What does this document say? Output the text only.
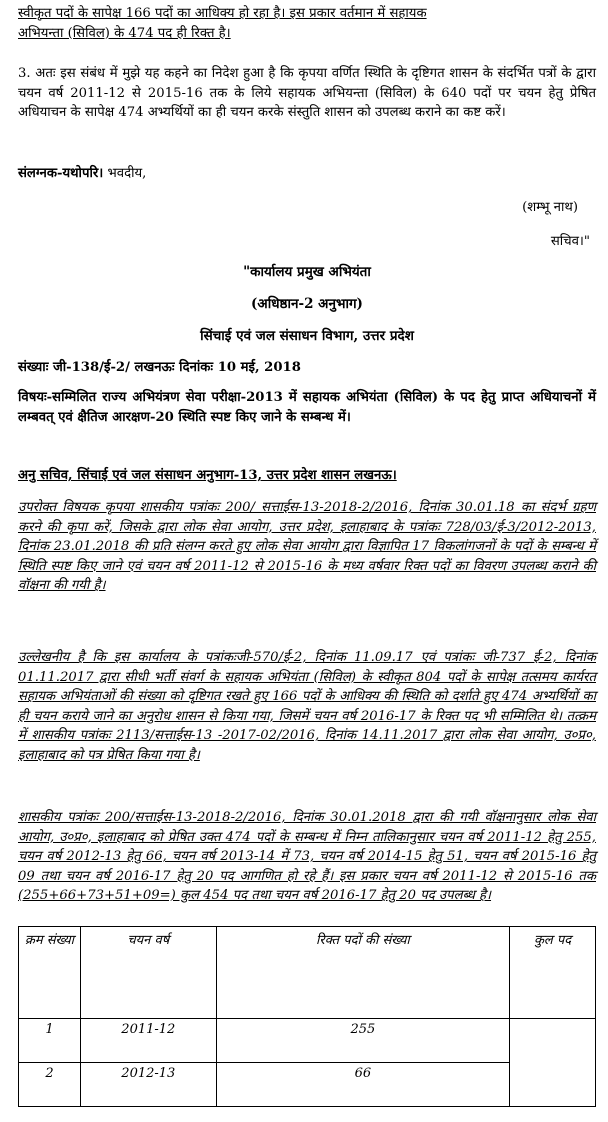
स्वीकृत पदों के सापेक्ष 166 पदों का आधिक्य हो रहा है। इस प्रकार वर्तमान में सहायक

अभियन्ता (सिविल) के 474 पद ही रिक्त है।

3. अतः इस संबंध में मुझे यह कहने का निदेश हुआ है कि कृपया वर्णित स्थिति के दृष्टिगत शासन के संदर्भित पत्रों के द्वारा चयन वर्ष 2011-12 से 2015-16 तक के लिये सहायक अभियन्ता (सिविल) के 640 पदों पर चयन हेतु प्रेषित अधियाचन के सापेक्ष 474 अभ्यर्थियों का ही चयन करके संस्तुति शासन को उपलब्ध कराने का कष्ट करें।

संलग्नक-यथोपरि। भवदीय,

(शम्भू नाथ)

सचिव।"

"कार्यालय प्रमुख अभियंता

(अधिष्ठान-2 अनुभाग)

सिंचाई एवं जल संसाधन विभाग, उत्तर प्रदेश

संख्याः जी-138/ई-2/ लखनऊः दिनांकः 10 मई, 2018

विषयः-सम्मिलित राज्य अभियंत्रण सेवा परीक्षा-2013 में सहायक अभियंता (सिविल) के पद हेतु प्राप्त अधियाचनों में लम्बवत् एवं क्षैतिज आरक्षण-20 स्थिति स्पष्ट किए जाने के सम्बन्ध में।

अनु सचिव, सिंचाई एवं जल संसाधन अनुभाग-13, उत्तर प्रदेश शासन लखनऊ।

उपरोक्त विषयक कृपया शासकीय पत्रांकः 200/ सत्ताईस-13-2018-2/2016, दिनांक 30.01.18 का संदर्भ ग्रहण करने की कृपा करें, जिसके द्वारा लोक सेवा आयोग, उत्तर प्रदेश, इलाहाबाद के पत्रांकः 728/03/ई-3/2012-2013, दिनांक 23.01.2018 की प्रति संलग्न करते हुए लोक सेवा आयोग द्वारा विज्ञापित 17 विकलांगजनों के पदों के सम्बन्ध में स्थिति स्पष्ट किए जाने एवं चयन वर्ष 2011-12 से 2015-16 के मध्य वर्षवार रिक्त पदों का विवरण उपलब्ध कराने की वॉक्षना की गयी है।

उल्लेखनीय है कि इस कार्यालय के पत्रांकःजी-570/ई-2, दिनांक 11.09.17 एवं पत्रांकः जी-737 ई-2, दिनांक 01.11.2017 द्वारा सीधी भर्ती संवर्ग के सहायक अभियंता (सिविल) के स्वीकृत 804 पदों के सापेक्ष तत्समय कार्यरत सहायक अभियंताओं की संख्या को दृष्टिगत रखते हुए 166 पदों के आधिक्य की स्थिति को दर्शाते हुए 474 अभ्यर्थियों का ही चयन कराये जाने का अनुरोध शासन से किया गया, जिसमें चयन वर्ष 2016-17 के रिक्त पद भी सम्मिलित थे। तत्क्रम में शासकीय पत्रांकः 2113/सत्ताईस-13 -2017-02/2016, दिनांक 14.11.2017 द्वारा लोक सेवा आयोग, उ०प्र०, इलाहाबाद को पत्र प्रेषित किया गया है।

शासकीय पत्रांकः 200/सत्ताईस-13-2018-2/2016, दिनांक 30.01.2018 द्वारा की गयी वॉक्षनानुसार लोक सेवा आयोग, उ०प्र०, इलाहाबाद को प्रेषित उक्त 474 पदों के सम्बन्ध में निम्न तालिकानुसार चयन वर्ष 2011-12 हेतु 255, चयन वर्ष 2012-13 हेतु 66, चयन वर्ष 2013-14 में 73, चयन वर्ष 2014-15 हेतु 51, चयन वर्ष 2015-16 हेतु 09 तथा चयन वर्ष 2016-17 हेतु 20 पद आगणित हो रहे हैं। इस प्रकार चयन वर्ष 2011-12 से 2015-16 तक (255+66+73+51+09=) कुल 454 पद तथा चयन वर्ष 2016-17 हेतु 20 पद उपलब्ध है।

क्रम संख्या	चयन वर्ष	रिक्त पदों की संख्या	कुल पद
1	2011-12	255	
2	2012-13	66	
